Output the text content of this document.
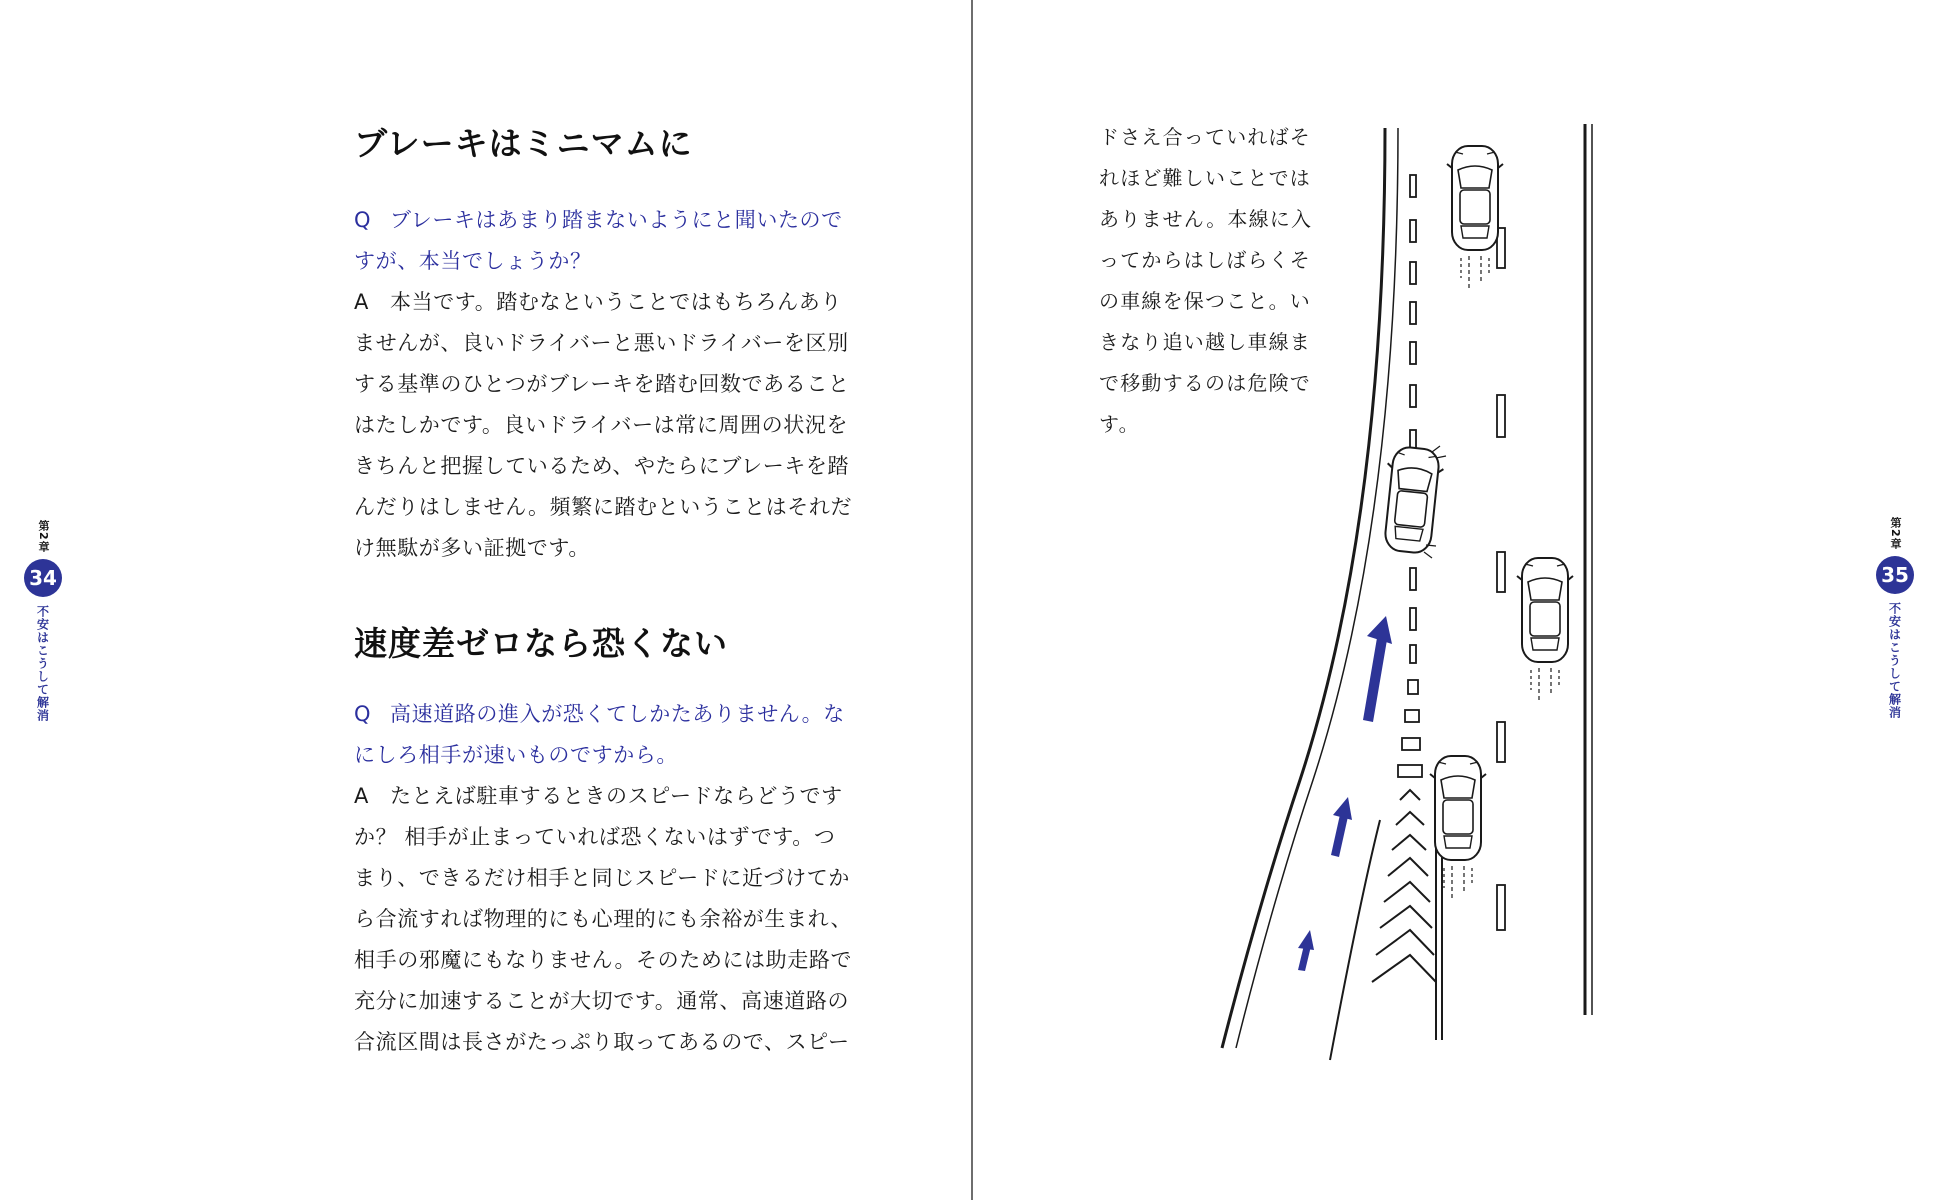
ブレーキはミニマムに

Q ブレーキはあまり踏まないようにと聞いたのですが、本当でしょうか？

A 本当です。踏むなということではもちろんありませんが、良いドライバーと悪いドライバーを区別する基準のひとつがブレーキを踏む回数であることはたしかです。良いドライバーは常に周囲の状況をきちんと把握しているため、やたらにブレーキを踏んだりはしません。頻繁に踏むということはそれだけ無駄が多い証拠です。

速度差ゼロなら恐くない

Q 高速道路の進入が恐くてしかたありません。なにしろ相手が速いものですから。

A たとえば駐車するときのスピードならどうですか？ 相手が止まっていれば恐くないはずです。つまり、できるだけ相手と同じスピードに近づけてから合流すれば物理的にも心理的にも余裕が生まれ、相手の邪魔にもなりません。そのためには助走路で充分に加速することが大切です。通常、高速道路の合流区間は長さがたっぷり取ってあるので、スピー

第2章
34
不安はこうして解消
第2章
35
不安はこうして解消

ドさえ合っていればそれほど難しいことではありません。本線に入ってからはしばらくその車線を保つこと。いきなり追い越し車線まで移動するのは危険です。
